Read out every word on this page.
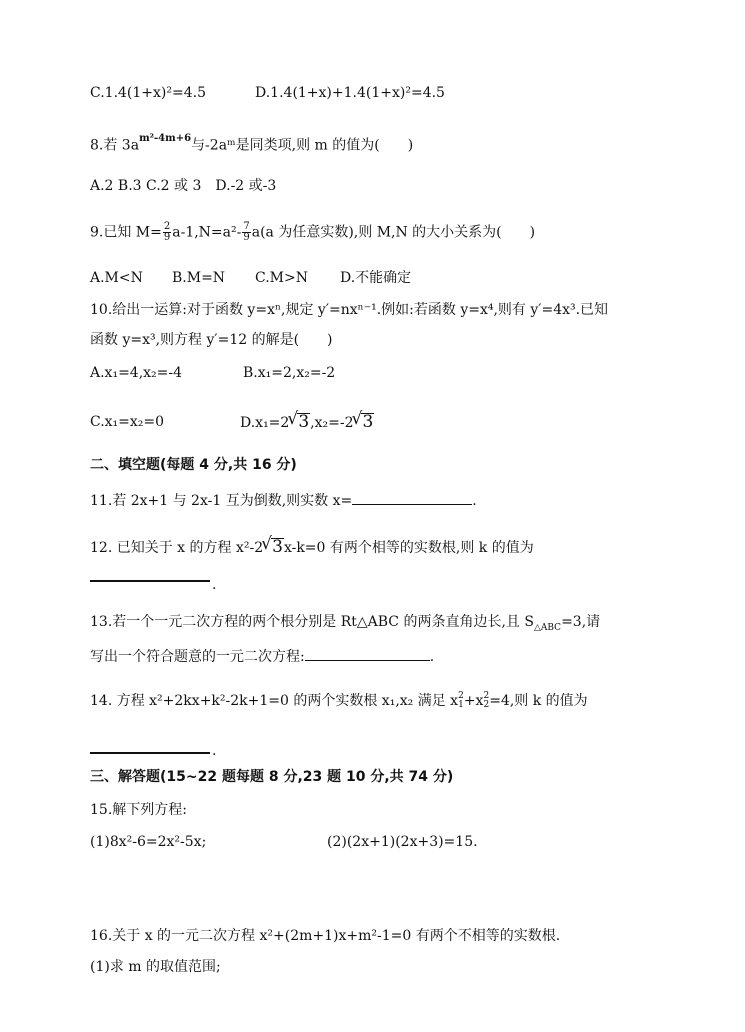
C.1.4(1+x)²=4.5	D.1.4(1+x)+1.4(1+x)²=4.5
8.若 $3a^{m^2-4m+6}$与-2aᵐ是同类项,则 m 的值为(　　)
A.2 B.3 C.2 或 3　D.-2 或-3
9.已知 $M= \frac{2}{9} a-1,N=a^2- \frac{7}{9} a(a$ 为任意实数),则 M,N 的大小关系为(　　)
A.M<N B.M=N C.M>N D.不能确定
10.给出一运算:对于函数 y=xⁿ,规定 y′=nxⁿ⁻¹.例如:若函数 y=x⁴,则有 y′=4x³.已知
函数 y=x³,则方程 y′=12 的解是(　　)
A.x₁=4,x₂=-4	B.x₁=2,x₂=-2
C.x₁=x₂=0	D.x₁=2 √ 3,x₂=-2 √ 3
二、填空题(每题 4 分,共 16 分)
11.若 2x+1 与 2x-1 互为倒数,则实数 x=	.
12. 已知关于 x 的方程 x²-2 √ 3x-k=0 有两个相等的实数根,则 k 的值为
.
13.若一个一元二次方程的两个根分别是 Rt△ABC 的两条直角边长,且 $S_{\triangle ABC}=3$,请
写出一个符合题意的一元二次方程:	.
14. 方程 x²+2kx+k²-2k+1=0 的两个实数根 x₁,x₂ 满足 x 2
1 +x 2
2 =4,则 k 的值为
.
三、解答题(15~22 题每题 8 分,23 题 10 分,共 74 分)
15.解下列方程:
(1)8x²-6=2x²-5x;	(2)(2x+1)(2x+3)=15.
16.关于 x 的一元二次方程 x²+(2m+1)x+m²-1=0 有两个不相等的实数根.
(1)求 m 的取值范围;
